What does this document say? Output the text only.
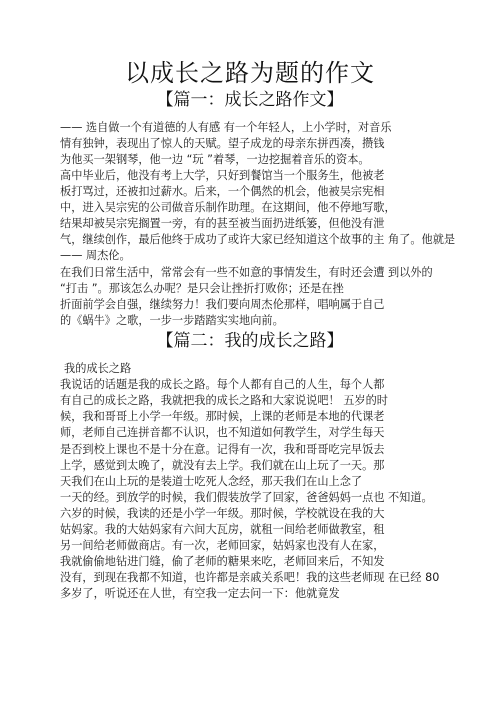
以成长之路为题的作文
【篇一：成长之路作文】
—— 选自做一个有道德的人有感 有一个年轻人，上小学时，对音乐
情有独钟，表现出了惊人的天赋。望子成龙的母亲东拼西凑，攒钱
为他买一架钢琴，他一边 “玩 ”着琴，一边挖掘着音乐的资本。
高中毕业后，他没有考上大学，只好到餐馆当一个服务生，他被老
板打骂过，还被扣过薪水。后来，一个偶然的机会，他被吴宗宪相
中，进入吴宗宪的公司做音乐制作助理。在这期间，他不停地写歌，
结果却被吴宗宪搁置一旁，有的甚至被当面扔进纸篓，但他没有泄
气，继续创作，最后他终于成功了或许大家已经知道这个故事的主 角了。他就是
—— 周杰伦。
在我们日常生活中，常常会有一些不如意的事情发生，有时还会遭 到以外的
“打击 ”。那该怎么办呢？是只会让挫折打败你；还是在挫
折面前学会自强，继续努力！我们要向周杰伦那样，唱响属于自己
的《蜗牛》之歌，一步一步踏踏实实地向前。
【篇二：我的成长之路】
我的成长之路
我说话的话题是我的成长之路。每个人都有自己的人生，每个人都
有自己的成长之路，我就把我的成长之路和大家说说吧！ 五岁的时
候，我和哥哥上小学一年级。那时候，上课的老师是本地的代课老
师，老师自己连拼音都不认识，也不知道如何教学生，对学生每天
是否到校上课也不是十分在意。记得有一次，我和哥哥吃完早饭去
上学，感觉到太晚了，就没有去上学。我们就在山上玩了一天。那
天我们在山上玩的是装道士吃死人念经，那天我们在山上念了
一天的经。到放学的时候，我们假装放学了回家，爸爸妈妈一点也 不知道。
六岁的时候，我读的还是小学一年级。那时候，学校就设在我的大
姑妈家。我的大姑妈家有六间大瓦房，就租一间给老师做教室，租
另一间给老师做商店。有一次，老师回家，姑妈家也没有人在家，
我就偷偷地钻进门缝，偷了老师的糖果来吃，老师回来后，不知发
没有，到现在我都不知道，也许都是亲戚关系吧！我的这些老师现 在已经 80
多岁了，听说还在人世，有空我一定去问一下：他就竟发
